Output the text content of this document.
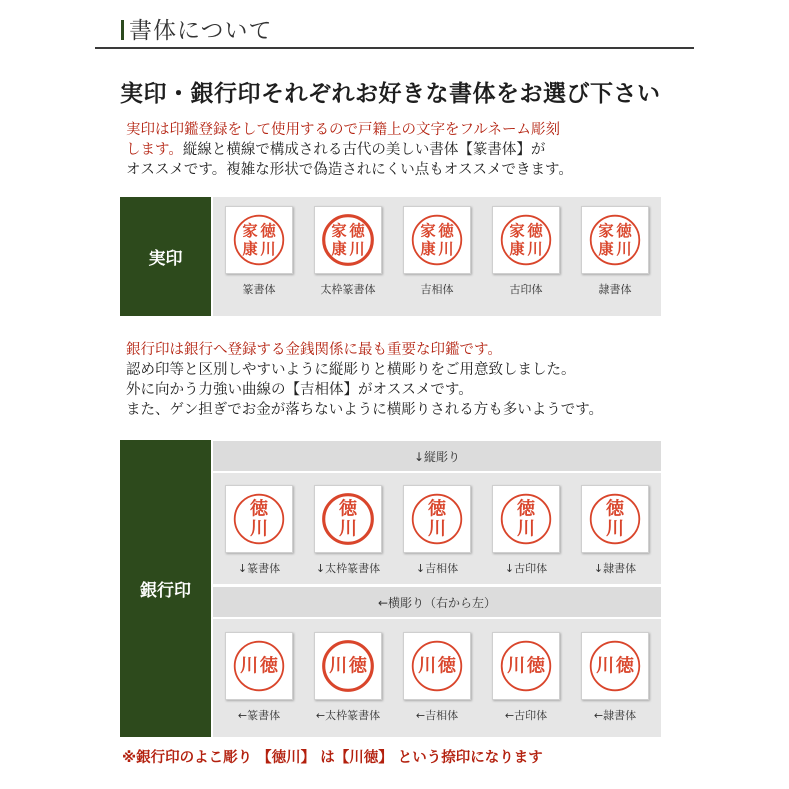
書体について
実印・銀行印それぞれお好きな書体をお選び下さい
実印は印鑑登録をして使用するので戸籍上の文字をフルネーム彫刻
します。縦線と横線で構成される古代の美しい書体【篆書体】が
オススメです。複雑な形状で偽造されにくい点もオススメできます。
実印
徳
川
家
康
篆書体
徳
川
家
康
太枠篆書体
徳
川
家
康
吉相体
徳
川
家
康
古印体
徳
川
家
康
隷書体
銀行印は銀行へ登録する金銭関係に最も重要な印鑑です。
認め印等と区別しやすいように縦彫りと横彫りをご用意致しました。
外に向かう力強い曲線の【吉相体】がオススメです。
また、ゲン担ぎでお金が落ちないように横彫りされる方も多いようです。
銀行印
↓縦彫り
徳
川
↓篆書体
徳
川
↓太枠篆書体
徳
川
↓吉相体
徳
川
↓古印体
徳
川
↓隷書体
←横彫り（右から左）
川 徳
←篆書体
川 徳
←太枠篆書体
川 徳
←吉相体
川 徳
←古印体
川 徳
←隷書体
※銀行印のよこ彫り 【徳川】 は【川徳】 という捺印になります
